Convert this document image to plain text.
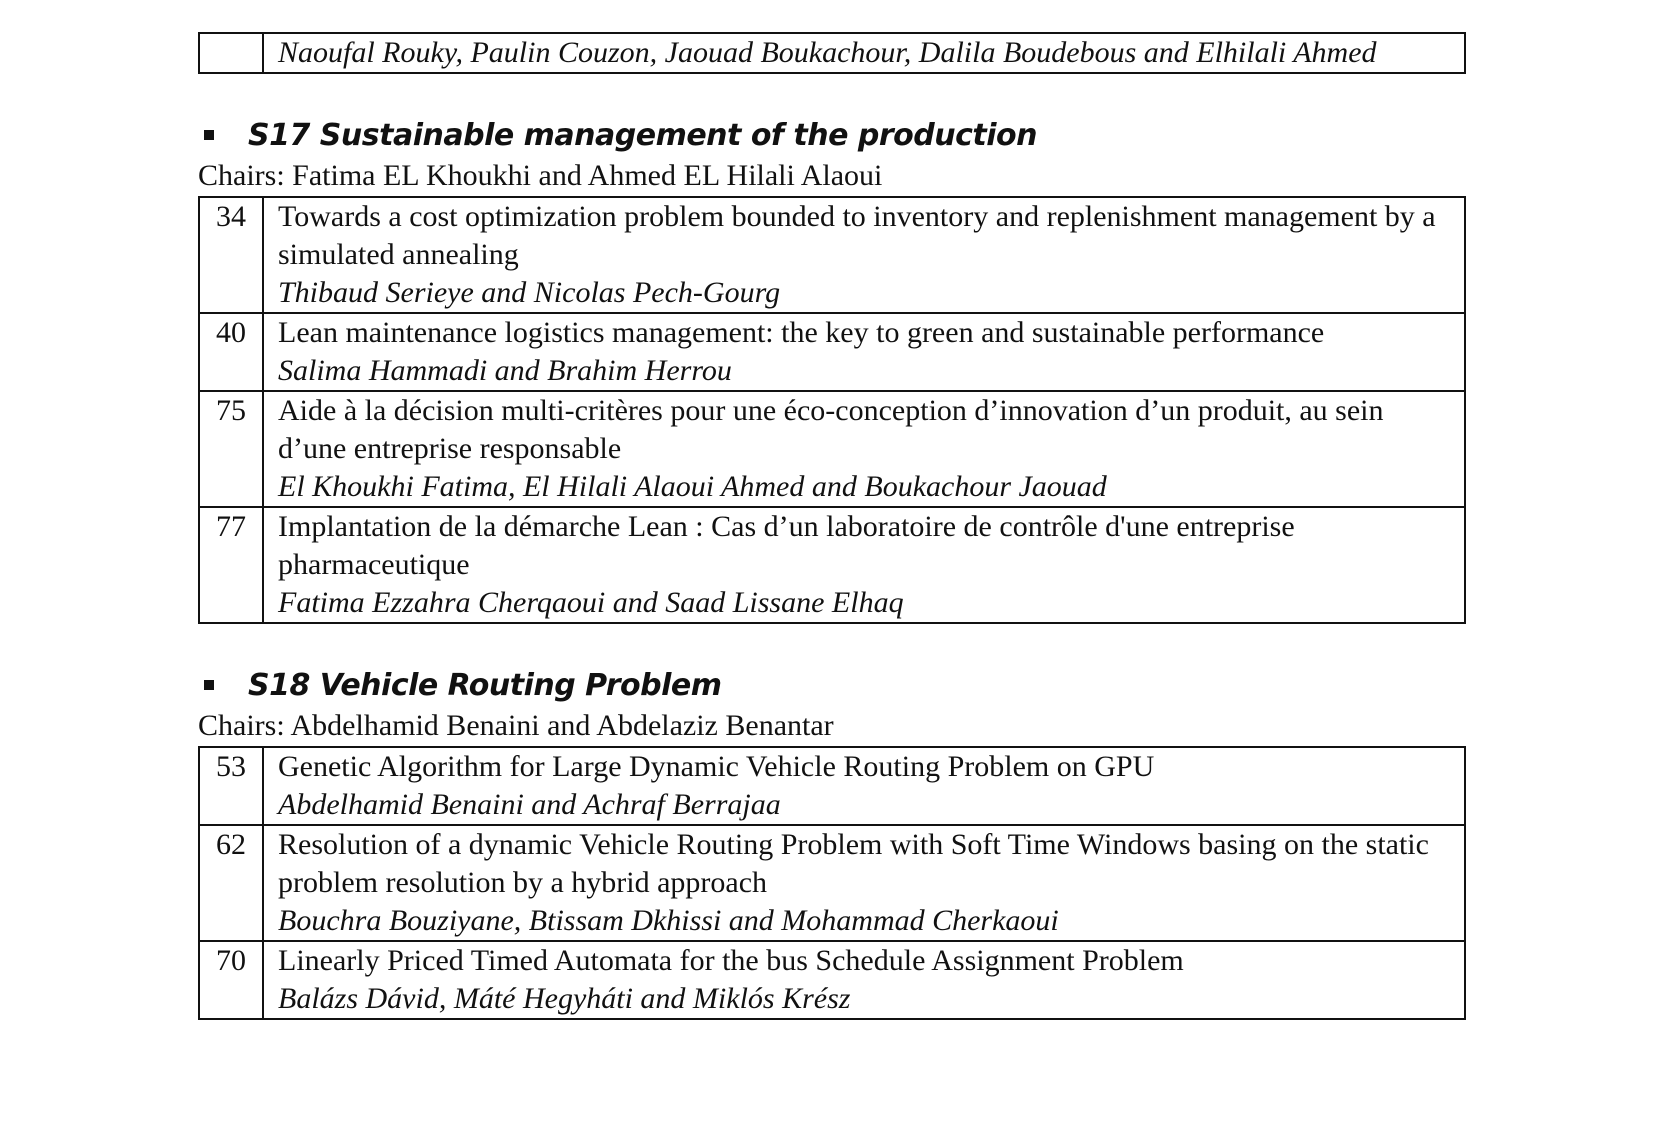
Naoufal Rouky, Paulin Couzon, Jaouad Boukachour, Dalila Boudebous and Elhilali Ahmed
S17 Sustainable management of the production
Chairs: Fatima EL Khoukhi and Ahmed EL Hilali Alaoui
34	Towards a cost optimization problem bounded to inventory and replenishment management by a simulated annealing
Thibaud Serieye and Nicolas Pech-Gourg

40	Lean maintenance logistics management: the key to green and sustainable performance
Salima Hammadi and Brahim Herrou

75	Aide à la décision multi-critères pour une éco-conception d’innovation d’un produit, au sein d’une entreprise responsable
El Khoukhi Fatima, El Hilali Alaoui Ahmed and Boukachour Jaouad

77	Implantation de la démarche Lean : Cas d’un laboratoire de contrôle d'une entreprise pharmaceutique
Fatima Ezzahra Cherqaoui and Saad Lissane Elhaq
S18 Vehicle Routing Problem
Chairs: Abdelhamid Benaini and Abdelaziz Benantar
53	Genetic Algorithm for Large Dynamic Vehicle Routing Problem on GPU
Abdelhamid Benaini and Achraf Berrajaa

62	Resolution of a dynamic Vehicle Routing Problem with Soft Time Windows basing on the static problem resolution by a hybrid approach
Bouchra Bouziyane, Btissam Dkhissi and Mohammad Cherkaoui

70	Linearly Priced Timed Automata for the bus Schedule Assignment Problem
Balázs Dávid, Máté Hegyháti and Miklós Krész
